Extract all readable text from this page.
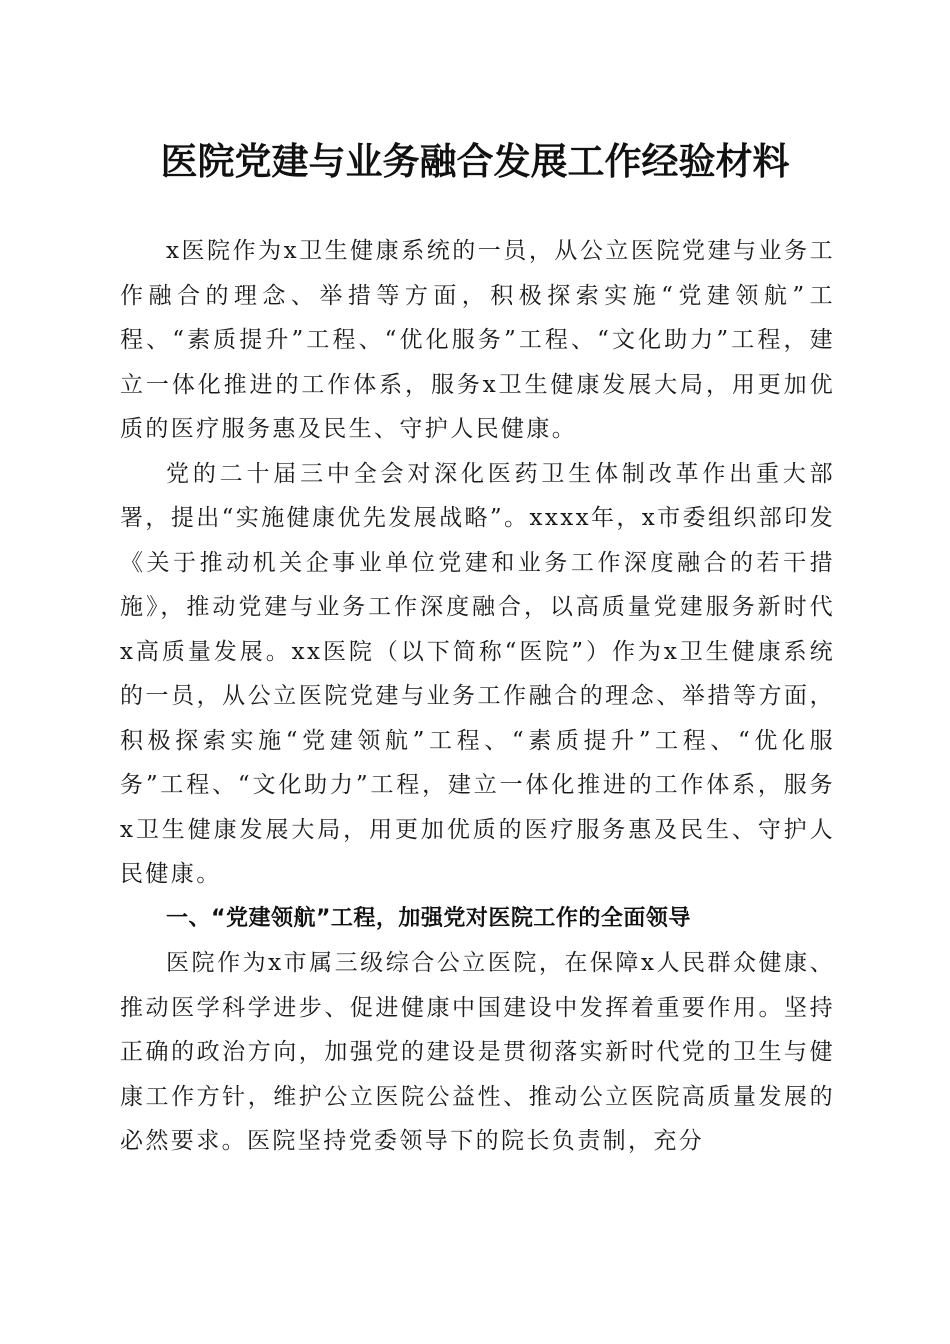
医院党建与业务融合发展工作经验材料

x医院作为x卫生健康系统的一员，从公立医院党建与业务工作融合的理念、举措等方面，积极探索实施“党建领航”工程、“素质提升”工程、“优化服务”工程、“文化助力”工程，建立一体化推进的工作体系，服务x卫生健康发展大局，用更加优质的医疗服务惠及民生、守护人民健康。

党的二十届三中全会对深化医药卫生体制改革作出重大部署，提出“实施健康优先发展战略”。xxxx年，x市委组织部印发《关于推动机关企事业单位党建和业务工作深度融合的若干措施》，推动党建与业务工作深度融合，以高质量党建服务新时代x高质量发展。xx医院（以下简称“医院”）作为x卫生健康系统的一员，从公立医院党建与业务工作融合的理念、举措等方面，积极探索实施“党建领航”工程、“素质提升”工程、“优化服务”工程、“文化助力”工程，建立一体化推进的工作体系，服务x卫生健康发展大局，用更加优质的医疗服务惠及民生、守护人民健康。

一、“党建领航”工程，加强党对医院工作的全面领导

医院作为x市属三级综合公立医院，在保障x人民群众健康、推动医学科学进步、促进健康中国建设中发挥着重要作用。坚持正确的政治方向，加强党的建设是贯彻落实新时代党的卫生与健康工作方针，维护公立医院公益性、推动公立医院高质量发展的必然要求。医院坚持党委领导下的院长负责制，充分
